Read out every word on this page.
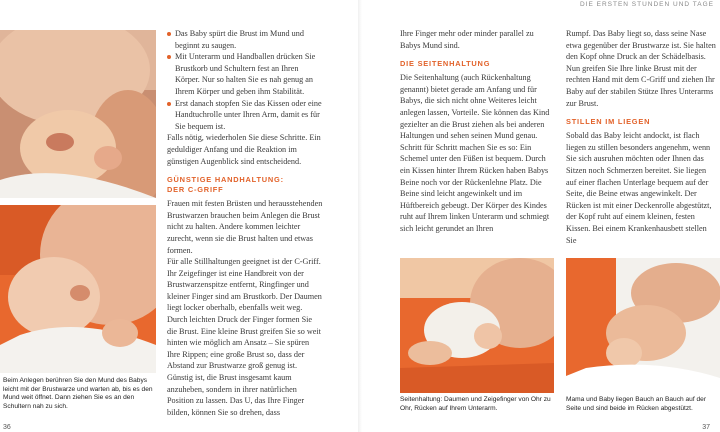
DIE ERSTEN STUNDEN UND TAGE
Beim Anlegen berühren Sie den Mund des Babys leicht mit der Brustwarze und warten ab, bis es den Mund weit öffnet. Dann ziehen Sie es an den Schultern nah zu sich.
36
Das Baby spürt die Brust im Mund und beginnt zu saugen.
Mit Unterarm und Handballen drücken Sie Brustkorb und Schultern fest an Ihren Körper. Nur so halten Sie es nah genug an Ihrem Körper und geben ihm Stabilität.
Erst danach stopfen Sie das Kissen oder eine Handtuchrolle unter Ihren Arm, damit es für Sie bequem ist.

Falls nötig, wiederholen Sie diese Schritte. Ein geduldiger Anfang und die Reaktion im günstigen Augenblick sind entscheidend.

GÜNSTIGE HANDHALTUNG:
DER C-GRIFF

Frauen mit festen Brüsten und herausstehenden Brustwarzen brauchen beim Anlegen die Brust nicht zu halten. Andere kommen leichter zurecht, wenn sie die Brust halten und etwas formen.

Für alle Stillhaltungen geeignet ist der C-Griff. Ihr Zeigefinger ist eine Handbreit von der Brustwarzenspitze entfernt, Ringfinger und kleiner Finger sind am Brustkorb. Der Daumen liegt locker oberhalb, ebenfalls weit weg. Durch leichten Druck der Finger formen Sie die Brust. Eine kleine Brust greifen Sie so weit hinten wie möglich am Ansatz – Sie spüren Ihre Rippen; eine große Brust so, dass der Abstand zur Brustwarze groß genug ist. Günstig ist, die Brust insgesamt kaum anzuheben, sondern in ihrer natürlichen Position zu lassen. Das U, das Ihre Finger bilden, können Sie so drehen, dass

Ihre Finger mehr oder minder parallel zu Babys Mund sind.

DIE SEITENHALTUNG

Die Seitenhaltung (auch Rückenhaltung genannt) bietet gerade am Anfang und für Babys, die sich nicht ohne Weiteres leicht anlegen lassen, Vorteile. Sie können das Kind gezielter an die Brust ziehen als bei anderen Haltungen und sehen seinen Mund genau. Schritt für Schritt machen Sie es so: Ein Schemel unter den Füßen ist bequem. Durch ein Kissen hinter Ihrem Rücken haben Babys Beine noch vor der Rückenlehne Platz. Die Beine sind leicht angewinkelt und im Hüftbereich gebeugt. Der Körper des Kindes ruht auf Ihrem linken Unterarm und schmiegt sich leicht gerundet an Ihren

Rumpf. Das Baby liegt so, dass seine Nase etwa gegenüber der Brustwarze ist. Sie halten den Kopf ohne Druck an der Schädelbasis. Nun greifen Sie Ihre linke Brust mit der rechten Hand mit dem C-Griff und ziehen Ihr Baby auf der stabilen Stütze Ihres Unterarms zur Brust.

STILLEN IM LIEGEN

Sobald das Baby leicht andockt, ist flach liegen zu stillen besonders angenehm, wenn Sie sich ausruhen möchten oder Ihnen das Sitzen noch Schmerzen bereitet. Sie liegen auf einer flachen Unterlage bequem auf der Seite, die Beine etwas angewinkelt. Der Rücken ist mit einer Deckenrolle abgestützt, der Kopf ruht auf einem kleinen, festen Kissen. Bei einem Krankenhausbett stellen Sie

Seitenhaltung: Daumen und Zeigefinger von Ohr zu Ohr, Rücken auf Ihrem Unterarm.
Mama und Baby liegen Bauch an Bauch auf der Seite und sind beide im Rücken abgestützt.
37
